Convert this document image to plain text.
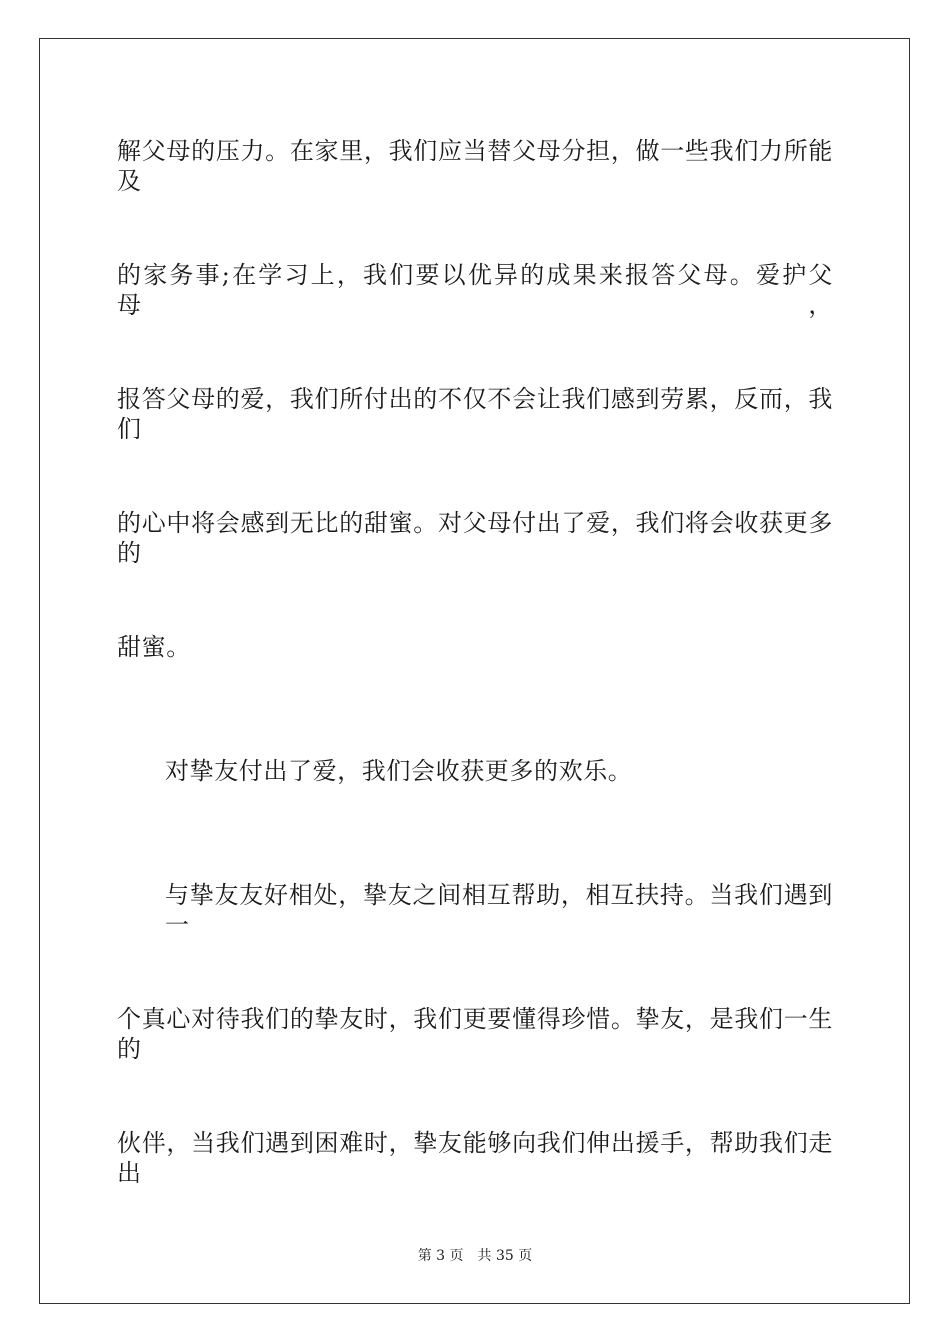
解父母的压力。在家里，我们应当替父母分担，做一些我们力所能及
的家务事;在学习上，我们要以优异的成果来报答父母。爱护父母，
报答父母的爱，我们所付出的不仅不会让我们感到劳累，反而，我们
的心中将会感到无比的甜蜜。对父母付出了爱，我们将会收获更多的
甜蜜。
对挚友付出了爱，我们会收获更多的欢乐。
与挚友友好相处，挚友之间相互帮助，相互扶持。当我们遇到一
个真心对待我们的挚友时，我们更要懂得珍惜。挚友，是我们一生的
伙伴，当我们遇到困难时，挚友能够向我们伸出援手，帮助我们走出
第 3 页 共 35 页
